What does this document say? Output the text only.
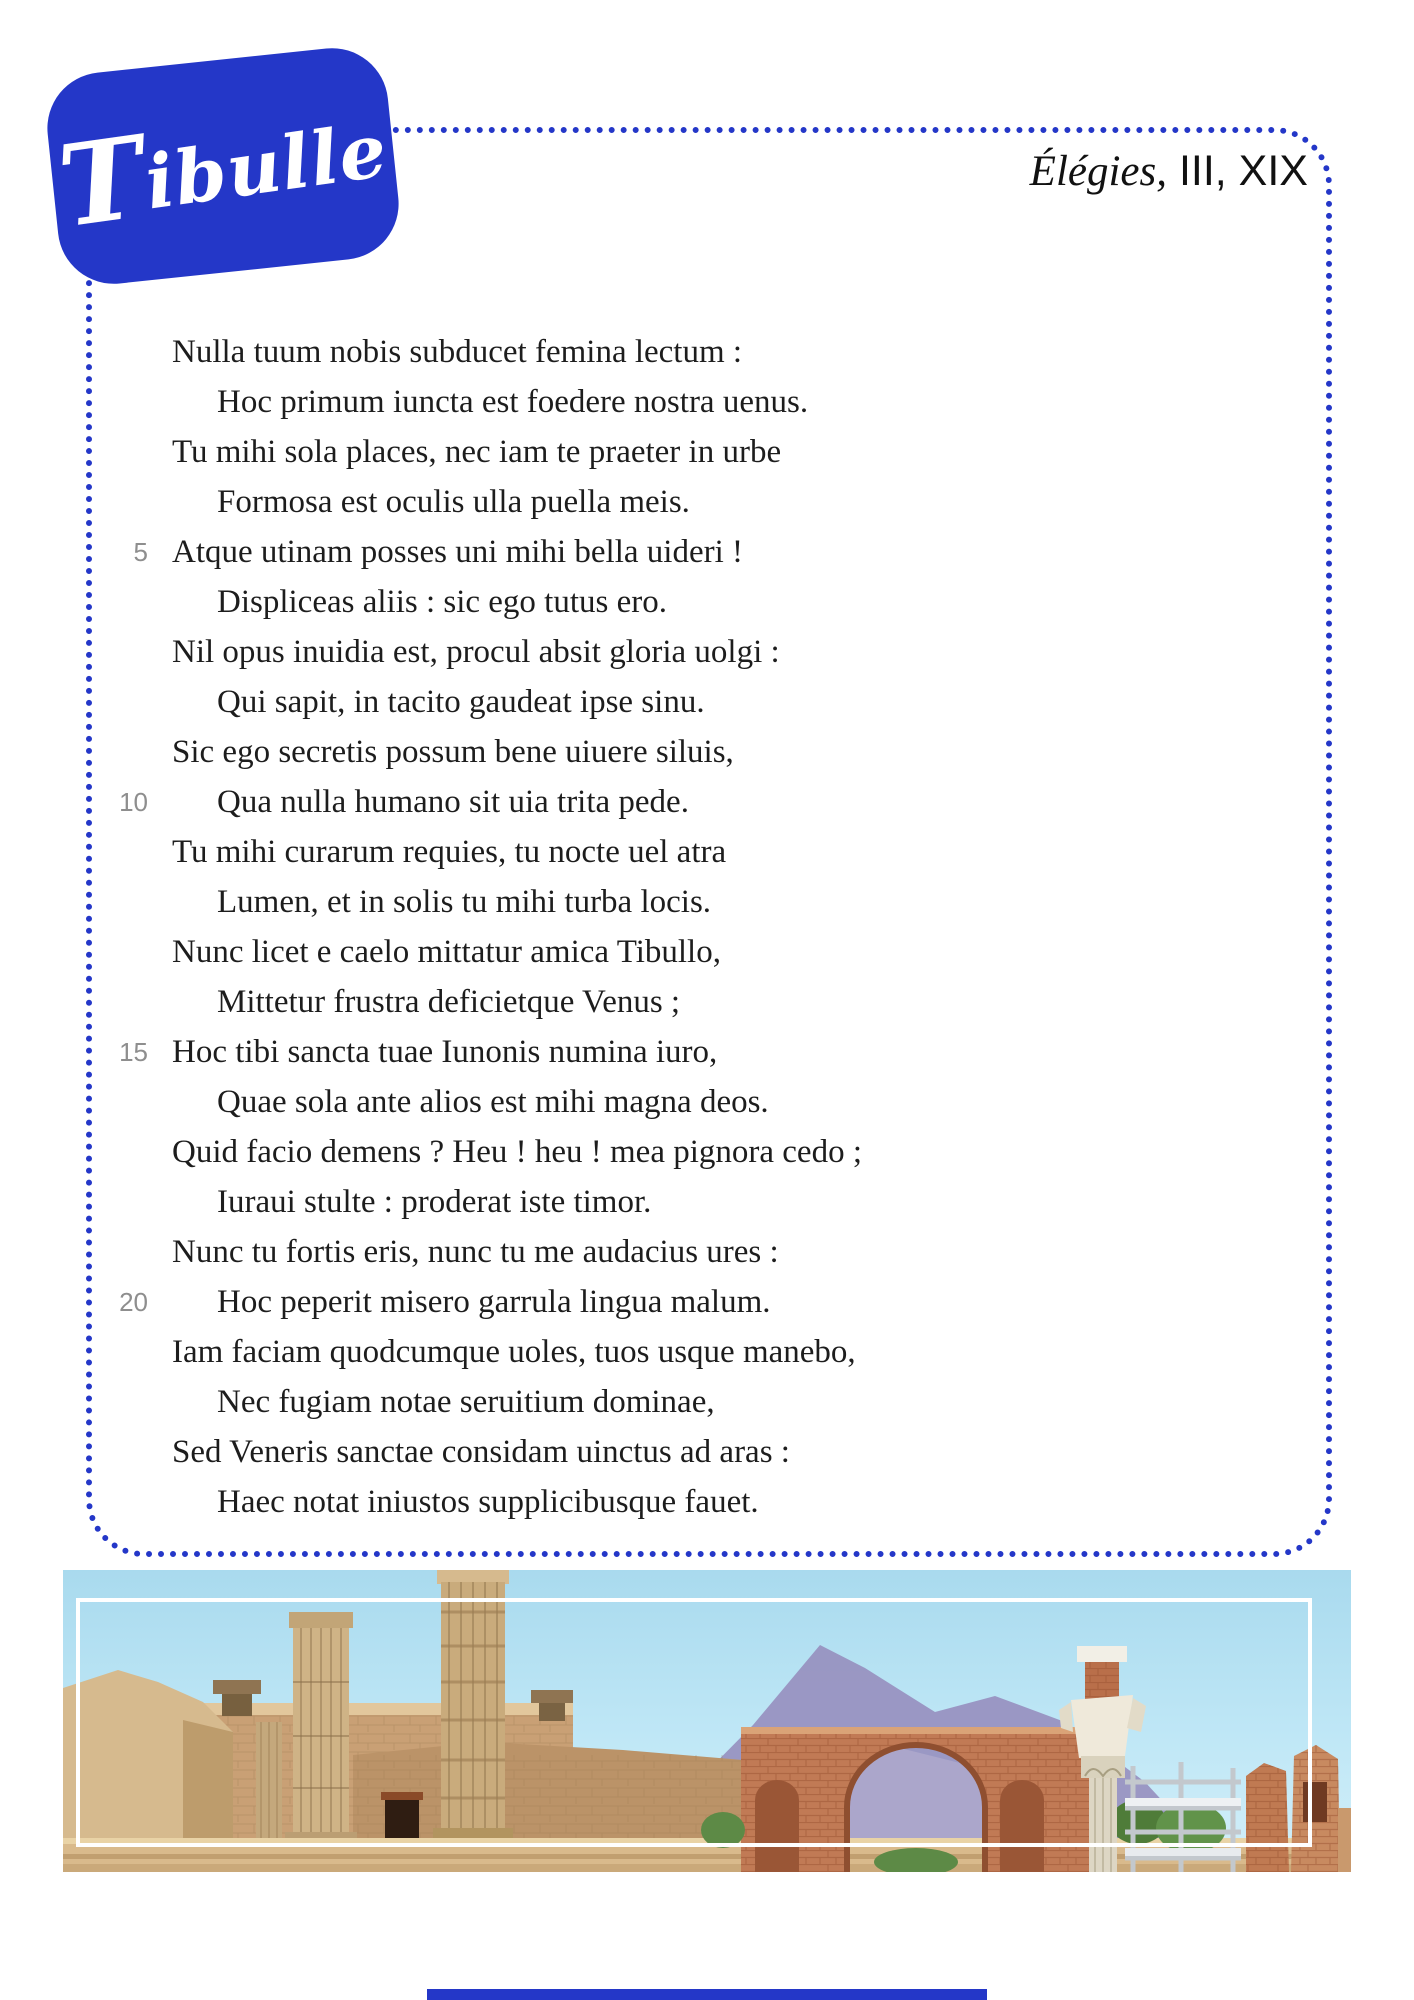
Tibulle	Élégies, III, XIX
Nulla tuum nobis subducet femina lectum :
Hoc primum iuncta est foedere nostra uenus.
Tu mihi sola places, nec iam te praeter in urbe
Formosa est oculis ulla puella meis.
5 Atque utinam posses uni mihi bella uideri !
Displiceas aliis : sic ego tutus ero.
Nil opus inuidia est, procul absit gloria uolgi :
Qui sapit, in tacito gaudeat ipse sinu.
Sic ego secretis possum bene uiuere siluis,
10	Qua nulla humano sit uia trita pede.
Tu mihi curarum requies, tu nocte uel atra
Lumen, et in solis tu mihi turba locis.
Nunc licet e caelo mittatur amica Tibullo,
Mittetur frustra deficietque Venus ;
15 Hoc tibi sancta tuae Iunonis numina iuro,
Quae sola ante alios est mihi magna deos.
Quid facio demens ? Heu ! heu ! mea pignora cedo ;
Iuraui stulte : proderat iste timor.
Nunc tu fortis eris, nunc tu me audacius ures :
20	Hoc peperit misero garrula lingua malum.
Iam faciam quodcumque uoles, tuos usque manebo,
Nec fugiam notae seruitium dominae,
Sed Veneris sanctae considam uinctus ad aras :
Haec notat iniustos supplicibusque fauet.
